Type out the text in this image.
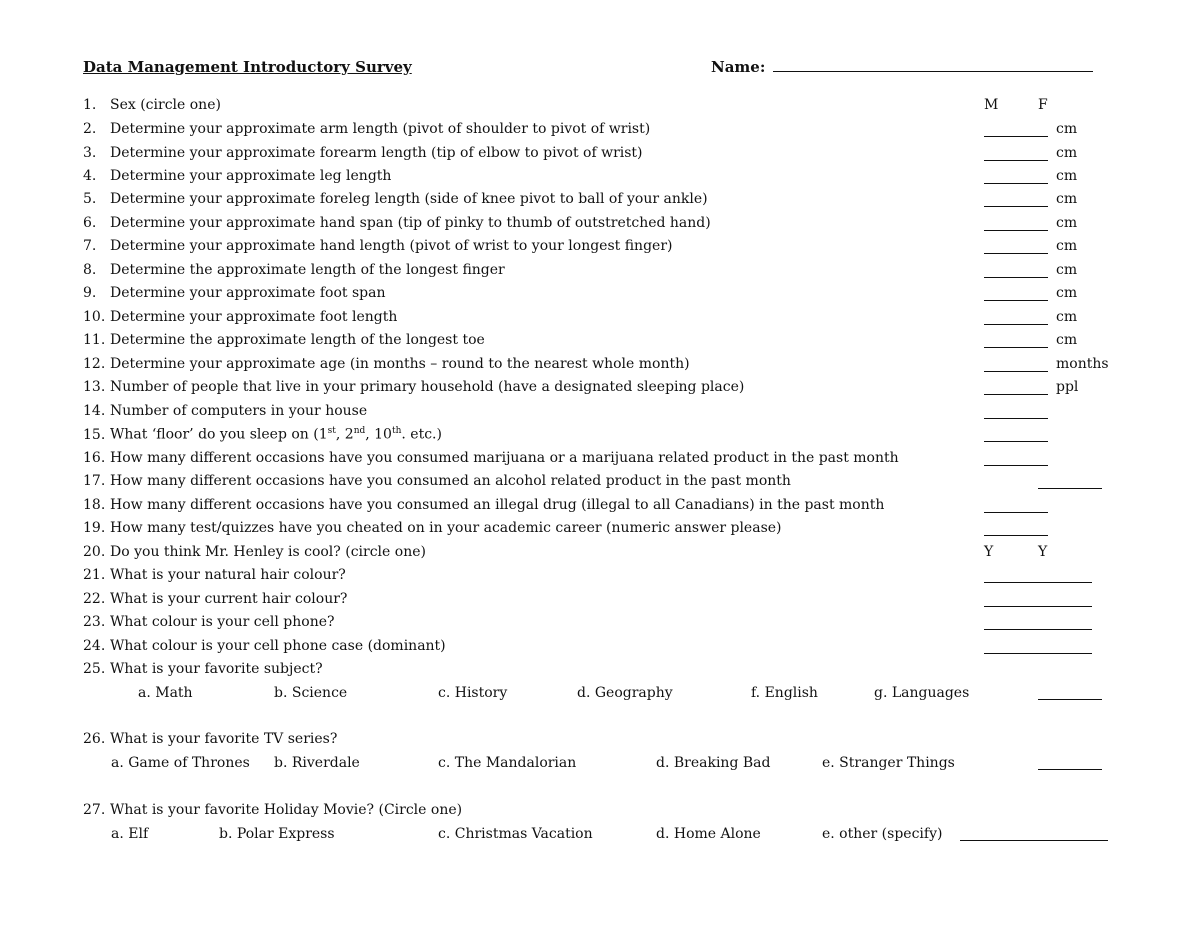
Data Management Introductory Survey	Name:
1. Sex (circle one)	M	F
2. Determine your approximate arm length (pivot of shoulder to pivot of wrist)	cm
3. Determine your approximate forearm length (tip of elbow to pivot of wrist)	cm
4. Determine your approximate leg length	cm
5. Determine your approximate foreleg length (side of knee pivot to ball of your ankle)	cm
6. Determine your approximate hand span (tip of pinky to thumb of outstretched hand)	cm
7. Determine your approximate hand length (pivot of wrist to your longest finger)	cm
8. Determine the approximate length of the longest finger	cm
9. Determine your approximate foot span	cm
10. Determine your approximate foot length	cm
11. Determine the approximate length of the longest toe	cm
12. Determine your approximate age (in months – round to the nearest whole month)	months
13. Number of people that live in your primary household (have a designated sleeping place)	ppl
14. Number of computers in your house
15. What ‘floor’ do you sleep on (1st, 2nd, 10th. etc.)
16. How many different occasions have you consumed marijuana or a marijuana related product in the past month
17. How many different occasions have you consumed an alcohol related product in the past month
18. How many different occasions have you consumed an illegal drug (illegal to all Canadians) in the past month
19. How many test/quizzes have you cheated on in your academic career (numeric answer please)
20. Do you think Mr. Henley is cool? (circle one)	Y	Y
21. What is your natural hair colour?
22. What is your current hair colour?
23. What colour is your cell phone?
24. What colour is your cell phone case (dominant)
25. What is your favorite subject?
a. Math	b. Science	c. History	d. Geography	f. English	g. Languages
26. What is your favorite TV series?
a. Game of Thrones b. Riverdale	c. The Mandalorian	d. Breaking Bad	e. Stranger Things
27. What is your favorite Holiday Movie? (Circle one)
a. Elf	b. Polar Express	c. Christmas Vacation	d. Home Alone	e. other (specify)
